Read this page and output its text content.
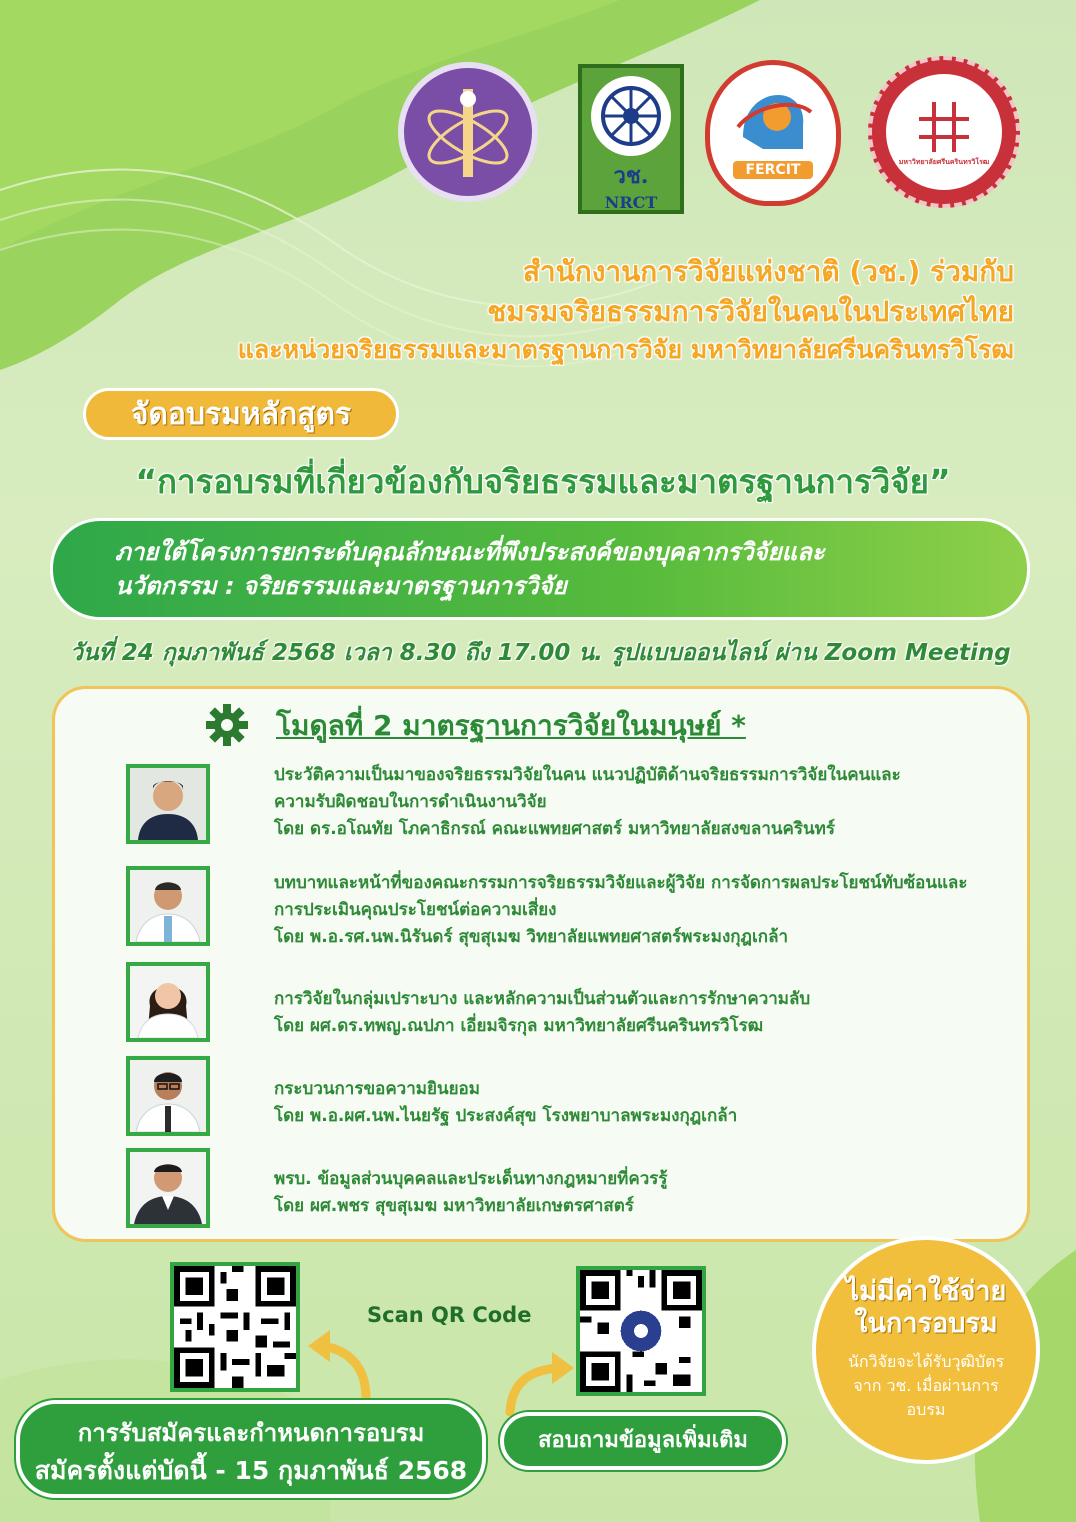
วช.
NRCT
FERCIT
มหาวิทยาลัยศรีนครินทรวิโรฒ
สำนักงานการวิจัยแห่งชาติ (วช.) ร่วมกับ
ชมรมจริยธรรมการวิจัยในคนในประเทศไทย
และหน่วยจริยธรรมและมาตรฐานการวิจัย มหาวิทยาลัยศรีนครินทรวิโรฒ
จัดอบรมหลักสูตร
“การอบรมที่เกี่ยวข้องกับจริยธรรมและมาตรฐานการวิจัย”
ภายใต้โครงการยกระดับคุณลักษณะที่พึงประสงค์ของบุคลากรวิจัยและ
นวัตกรรม : จริยธรรมและมาตรฐานการวิจัย
วันที่ 24 กุมภาพันธ์ 2568 เวลา 8.30 ถึง 17.00 น. รูปแบบออนไลน์ ผ่าน Zoom Meeting
โมดูลที่ 2 มาตรฐานการวิจัยในมนุษย์ *
ประวัติความเป็นมาของจริยธรรมวิจัยในคน แนวปฏิบัติด้านจริยธรรมการวิจัยในคนและ
ความรับผิดชอบในการดำเนินงานวิจัย
โดย ดร.อโณทัย โภคาธิกรณ์ คณะแพทยศาสตร์ มหาวิทยาลัยสงขลานครินทร์
บทบาทและหน้าที่ของคณะกรรมการจริยธรรมวิจัยและผู้วิจัย การจัดการผลประโยชน์ทับซ้อนและ
การประเมินคุณประโยชน์ต่อความเสี่ยง
โดย พ.อ.รศ.นพ.นิรันดร์ สุขสุเมฆ วิทยาลัยแพทยศาสตร์พระมงกุฎเกล้า
การวิจัยในกลุ่มเปราะบาง และหลักความเป็นส่วนตัวและการรักษาความลับ
โดย ผศ.ดร.ทพญ.ณปภา เอี่ยมจิรกุล มหาวิทยาลัยศรีนครินทรวิโรฒ
กระบวนการขอความยินยอม
โดย พ.อ.ผศ.นพ.ไนยรัฐ ประสงค์สุข โรงพยาบาลพระมงกุฎเกล้า
พรบ. ข้อมูลส่วนบุคคลและประเด็นทางกฎหมายที่ควรรู้
โดย ผศ.พชร สุขสุเมฆ มหาวิทยาลัยเกษตรศาสตร์
Scan QR Code
การรับสมัครและกำหนดการอบรม
สมัครตั้งแต่บัดนี้ - 15 กุมภาพันธ์ 2568
สอบถามข้อมูลเพิ่มเติม
ไม่มีค่าใช้จ่าย
ในการอบรม
นักวิจัยจะได้รับวุฒิบัตร
จาก วช. เมื่อผ่านการ
อบรม
